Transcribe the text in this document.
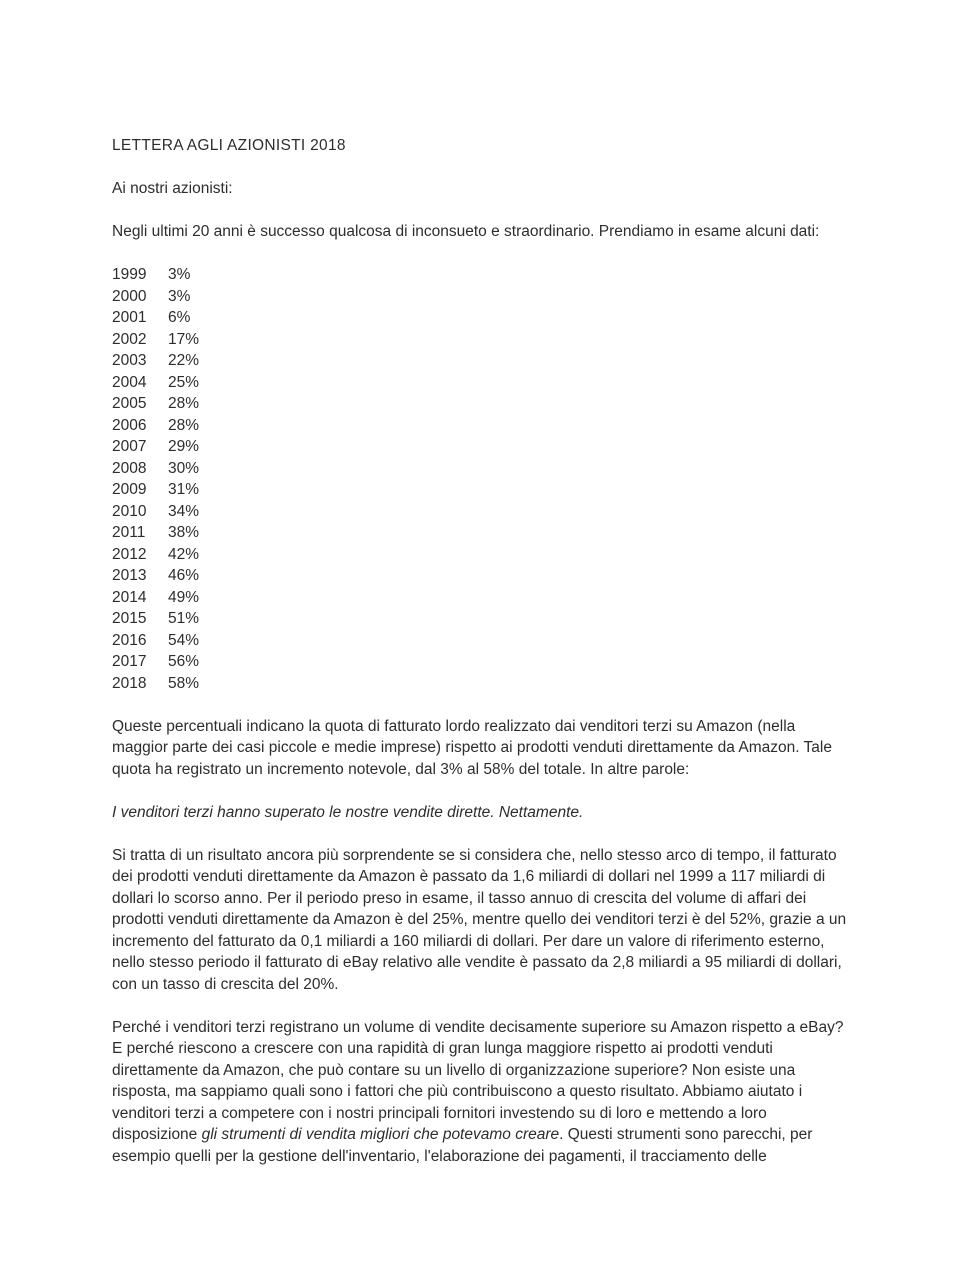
LETTERA AGLI AZIONISTI 2018

Ai nostri azionisti:

Negli ultimi 20 anni è successo qualcosa di inconsueto e straordinario. Prendiamo in esame alcuni dati:

1999	3%
2000	3%
2001	6%
2002	17%
2003	22%
2004	25%
2005	28%
2006	28%
2007	29%
2008	30%
2009	31%
2010	34%
2011	38%
2012	42%
2013	46%
2014	49%
2015	51%
2016	54%
2017	56%
2018	58%

Queste percentuali indicano la quota di fatturato lordo realizzato dai venditori terzi su Amazon (nella maggior parte dei casi piccole e medie imprese) rispetto ai prodotti venduti direttamente da Amazon. Tale quota ha registrato un incremento notevole, dal 3% al 58% del totale. In altre parole:

I venditori terzi hanno superato le nostre vendite dirette. Nettamente.

Si tratta di un risultato ancora più sorprendente se si considera che, nello stesso arco di tempo, il fatturato dei prodotti venduti direttamente da Amazon è passato da 1,6 miliardi di dollari nel 1999 a 117 miliardi di dollari lo scorso anno. Per il periodo preso in esame, il tasso annuo di crescita del volume di affari dei prodotti venduti direttamente da Amazon è del 25%, mentre quello dei venditori terzi è del 52%, grazie a un incremento del fatturato da 0,1 miliardi a 160 miliardi di dollari. Per dare un valore di riferimento esterno, nello stesso periodo il fatturato di eBay relativo alle vendite è passato da 2,8 miliardi a 95 miliardi di dollari, con un tasso di crescita del 20%.

Perché i venditori terzi registrano un volume di vendite decisamente superiore su Amazon rispetto a eBay? E perché riescono a crescere con una rapidità di gran lunga maggiore rispetto ai prodotti venduti direttamente da Amazon, che può contare su un livello di organizzazione superiore? Non esiste una risposta, ma sappiamo quali sono i fattori che più contribuiscono a questo risultato. Abbiamo aiutato i venditori terzi a competere con i nostri principali fornitori investendo su di loro e mettendo a loro disposizione gli strumenti di vendita migliori che potevamo creare. Questi strumenti sono parecchi, per esempio quelli per la gestione dell'inventario, l'elaborazione dei pagamenti, il tracciamento delle
